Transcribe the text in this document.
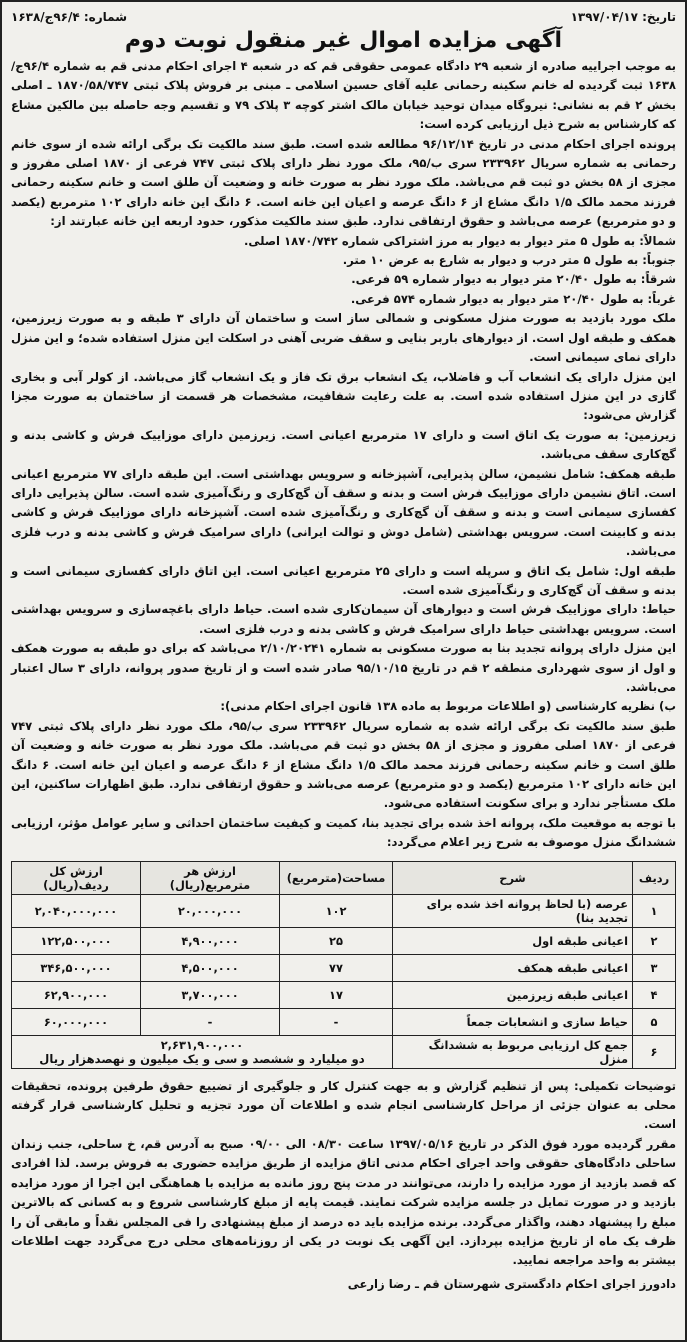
تاریخ: ۱۳۹۷/۰۴/۱۷
شماره: ۹۶/۴ج/۱۶۳۸
آگهی مزایده اموال غیر منقول نوبت دوم

به موجب اجراییه صادره از شعبه ۲۹ دادگاه عمومی حقوقی قم که در شعبه ۴ اجرای احکام مدنی قم به شماره ۹۶/۴ج/۱۶۳۸ ثبت گردیده له خانم سکینه رحمانی علیه آقای حسین اسلامی ـ مبنی بر فروش پلاک ثبتی ۱۸۷۰/۵۸/۷۴۷ ـ اصلی بخش ۲ قم به نشانی: نیروگاه میدان توحید خیابان مالک اشتر کوچه ۳ پلاک ۷۹ و تقسیم وجه حاصله بین مالکین مشاع که کارشناس به شرح ذیل ارزیابی کرده است:

پرونده اجرای احکام مدنی در تاریخ ۹۶/۱۲/۱۴ مطالعه شده است. طبق سند مالکیت تک برگی ارائه شده از سوی خانم رحمانی به شماره سریال ۲۳۳۹۶۲ سری ب/۹۵، ملک مورد نظر دارای پلاک ثبتی ۷۴۷ فرعی از ۱۸۷۰ اصلی مفروز و مجزی از ۵۸ بخش دو ثبت قم می‌باشد. ملک مورد نظر به صورت خانه و وضعیت آن طلق است و خانم سکینه رحمانی فرزند محمد مالک ۱/۵ دانگ مشاع از ۶ دانگ عرصه و اعیان این خانه است. ۶ دانگ این خانه دارای ۱۰۲ مترمربع (یکصد و دو مترمربع) عرصه می‌باشد و حقوق ارتفاقی ندارد. طبق سند مالکیت مذکور، حدود اربعه این خانه عبارتند از:

شمالاً: به طول ۵ متر دیوار به دیوار به مرز اشتراکی شماره ۱۸۷۰/۷۴۲ اصلی.

جنوباً: به طول ۵ متر درب و دیوار به شارع به عرض ۱۰ متر.

شرقاً: به طول ۲۰/۴۰ متر دیوار به دیوار شماره ۵۹ فرعی.

غرباً: به طول ۲۰/۴۰ متر دیوار به دیوار شماره ۵۷۴ فرعی.

ملک مورد بازدید به صورت منزل مسکونی و شمالی ساز است و ساختمان آن دارای ۳ طبقه و به صورت زیرزمین، همکف و طبقه اول است. از دیوارهای باربر بنایی و سقف ضربی آهنی در اسکلت این منزل استفاده شده؛ و این منزل دارای نمای سیمانی است.

این منزل دارای یک انشعاب آب و فاضلاب، یک انشعاب برق تک فاز و یک انشعاب گاز می‌باشد. از کولر آبی و بخاری گازی در این منزل استفاده شده است. به علت رعایت شفافیت، مشخصات هر قسمت از ساختمان به صورت مجزا گزارش می‌شود:

زیرزمین: به صورت یک اتاق است و دارای ۱۷ مترمربع اعیانی است. زیرزمین دارای موزاییک فرش و کاشی بدنه و گچ‌کاری سقف می‌باشد.

طبقه همکف: شامل نشیمن، سالن پذیرایی، آشپزخانه و سرویس بهداشتی است. این طبقه دارای ۷۷ مترمربع اعیانی است. اتاق نشیمن دارای موزاییک فرش است و بدنه و سقف آن گچ‌کاری و رنگ‌آمیزی شده است. سالن پذیرایی دارای کفسازی سیمانی است و بدنه و سقف آن گچ‌کاری و رنگ‌آمیزی شده است. آشپزخانه دارای موزاییک فرش و کاشی بدنه و کابینت است. سرویس بهداشتی (شامل دوش و توالت ایرانی) دارای سرامیک فرش و کاشی بدنه و درب فلزی می‌باشد.

طبقه اول: شامل یک اتاق و سرپله است و دارای ۲۵ مترمربع اعیانی است. این اتاق دارای کفسازی سیمانی است و بدنه و سقف آن گچ‌کاری و رنگ‌آمیزی شده است.

حیاط: دارای موزاییک فرش است و دیوارهای آن سیمان‌کاری شده است. حیاط دارای باغچه‌سازی و سرویس بهداشتی است. سرویس بهداشتی حیاط دارای سرامیک فرش و کاشی بدنه و درب فلزی است.

این منزل دارای پروانه تجدید بنا به صورت مسکونی به شماره ۲/۱۰/۲۰۲۴۱ می‌باشد که برای دو طبقه به صورت همکف و اول از سوی شهرداری منطقه ۲ قم در تاریخ ۹۵/۱۰/۱۵ صادر شده است و از تاریخ صدور پروانه، دارای ۳ سال اعتبار می‌باشد.

ب) نظریه کارشناسی (و اطلاعات مربوط به ماده ۱۳۸ قانون اجرای احکام مدنی):

طبق سند مالکیت تک برگی ارائه شده به شماره سریال ۲۳۳۹۶۲ سری ب/۹۵، ملک مورد نظر دارای پلاک ثبتی ۷۴۷ فرعی از ۱۸۷۰ اصلی مفروز و مجزی از ۵۸ بخش دو ثبت قم می‌باشد. ملک مورد نظر به صورت خانه و وضعیت آن طلق است و خانم سکینه رحمانی فرزند محمد مالک ۱/۵ دانگ مشاع از ۶ دانگ عرصه و اعیان این خانه است. ۶ دانگ این خانه دارای ۱۰۲ مترمربع (یکصد و دو مترمربع) عرصه می‌باشد و حقوق ارتفاقی ندارد. طبق اظهارات ساکنین، این ملک مستأجر ندارد و برای سکونت استفاده می‌شود.

با توجه به موقعیت ملک، پروانه اخذ شده برای تجدید بنا، کمیت و کیفیت ساختمان احداثی و سایر عوامل مؤثر، ارزیابی ششدانگ منزل موصوف به شرح زیر اعلام می‌گردد:

ردیف	شرح	مساحت(مترمربع)	ارزش هر مترمربع(ریال)	ارزش کل ردیف(ریال)
۱	عرصه (با لحاظ پروانه اخذ شده برای تجدید بنا)	۱۰۲	۲۰,۰۰۰,۰۰۰	۲,۰۴۰,۰۰۰,۰۰۰
۲	اعیانی طبقه اول	۲۵	۴,۹۰۰,۰۰۰	۱۲۲,۵۰۰,۰۰۰
۳	اعیانی طبقه همکف	۷۷	۴,۵۰۰,۰۰۰	۳۴۶,۵۰۰,۰۰۰
۴	اعیانی طبقه زیرزمین	۱۷	۳,۷۰۰,۰۰۰	۶۲,۹۰۰,۰۰۰
۵	حیاط سازی و انشعابات جمعاً	-	-	۶۰,۰۰۰,۰۰۰
۶	جمع کل ارزیابی مربوط به ششدانگ منزل	۲,۶۳۱,۹۰۰,۰۰۰
دو میلیارد و ششصد و سی و یک میلیون و نهصدهزار ریال		

توضیحات تکمیلی: پس از تنظیم گزارش و به جهت کنترل کار و جلوگیری از تضییع حقوق طرفین پرونده، تحقیقات محلی به عنوان جزئی از مراحل کارشناسی انجام شده و اطلاعات آن مورد تجزیه و تحلیل کارشناسی قرار گرفته است.

مقرر گردیده مورد فوق الذکر در تاریخ ۱۳۹۷/۰۵/۱۶ ساعت ۰۸/۳۰ الی ۰۹/۰۰ صبح به آدرس قم، خ ساحلی، جنب زندان ساحلی دادگاه‌های حقوقی واحد اجرای احکام مدنی اتاق مزایده از طریق مزایده حضوری به فروش برسد. لذا افرادی که قصد بازدید از مورد مزایده را دارند، می‌توانند در مدت پنج روز مانده به مزایده با هماهنگی این اجرا از مورد مزایده بازدید و در صورت تمایل در جلسه مزایده شرکت نمایند. قیمت پایه از مبلغ کارشناسی شروع و به کسانی که بالاترین مبلغ را پیشنهاد دهند، واگذار می‌گردد. برنده مزایده باید ده درصد از مبلغ پیشنهادی را فی المجلس نقداً و مابقی آن را ظرف یک ماه از تاریخ مزایده بپردازد. این آگهی یک نوبت در یکی از روزنامه‌های محلی درج می‌گردد جهت اطلاعات بیشتر به واحد مراجعه نمایید.

دادورز اجرای احکام دادگستری شهرستان قم ـ رضا زارعی
